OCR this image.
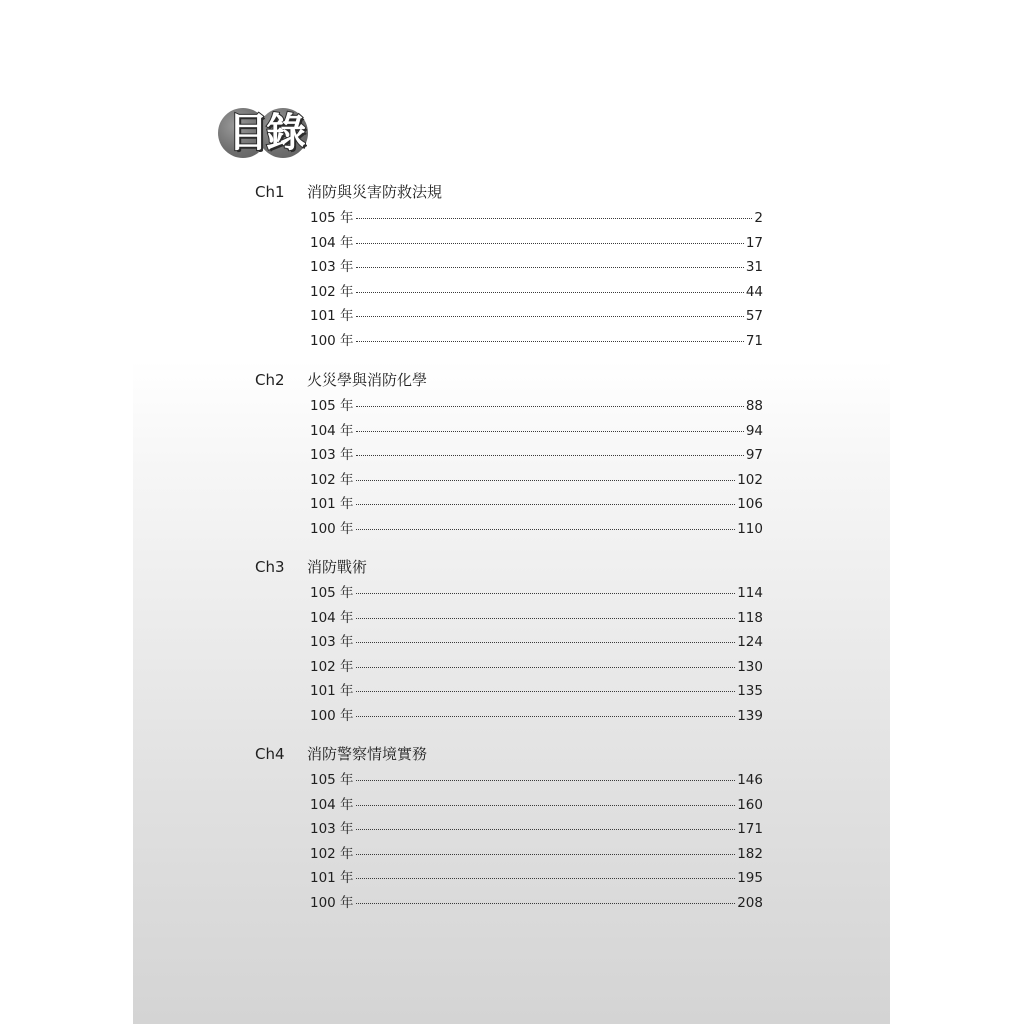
目錄
Ch1 消防與災害防救法規
105 年	2
104 年	17
103 年	31
102 年	44
101 年	57
100 年	71
Ch2 火災學與消防化學
105 年	88
104 年	94
103 年	97
102 年	102
101 年	106
100 年	110
Ch3 消防戰術
105 年	114
104 年	118
103 年	124
102 年	130
101 年	135
100 年	139
Ch4 消防警察情境實務
105 年	146
104 年	160
103 年	171
102 年	182
101 年	195
100 年	208
